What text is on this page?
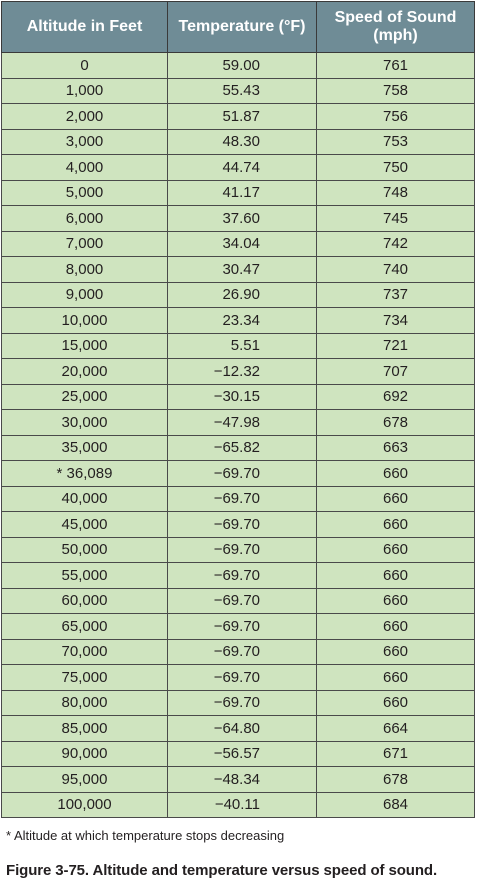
Altitude in Feet	Temperature (°F)	Speed of Sound
(mph)
0	59.00	761
1,000	55.43	758
2,000	51.87	756
3,000	48.30	753
4,000	44.74	750
5,000	41.17	748
6,000	37.60	745
7,000	34.04	742
8,000	30.47	740
9,000	26.90	737
10,000	23.34	734
15,000	5.51	721
20,000	−12.32	707
25,000	−30.15	692
30,000	−47.98	678
35,000	−65.82	663
* 36,089	−69.70	660
40,000	−69.70	660
45,000	−69.70	660
50,000	−69.70	660
55,000	−69.70	660
60,000	−69.70	660
65,000	−69.70	660
70,000	−69.70	660
75,000	−69.70	660
80,000	−69.70	660
85,000	−64.80	664
90,000	−56.57	671
95,000	−48.34	678
100,000	−40.11	684
* Altitude at which temperature stops decreasing
Figure 3-75. Altitude and temperature versus speed of sound.
